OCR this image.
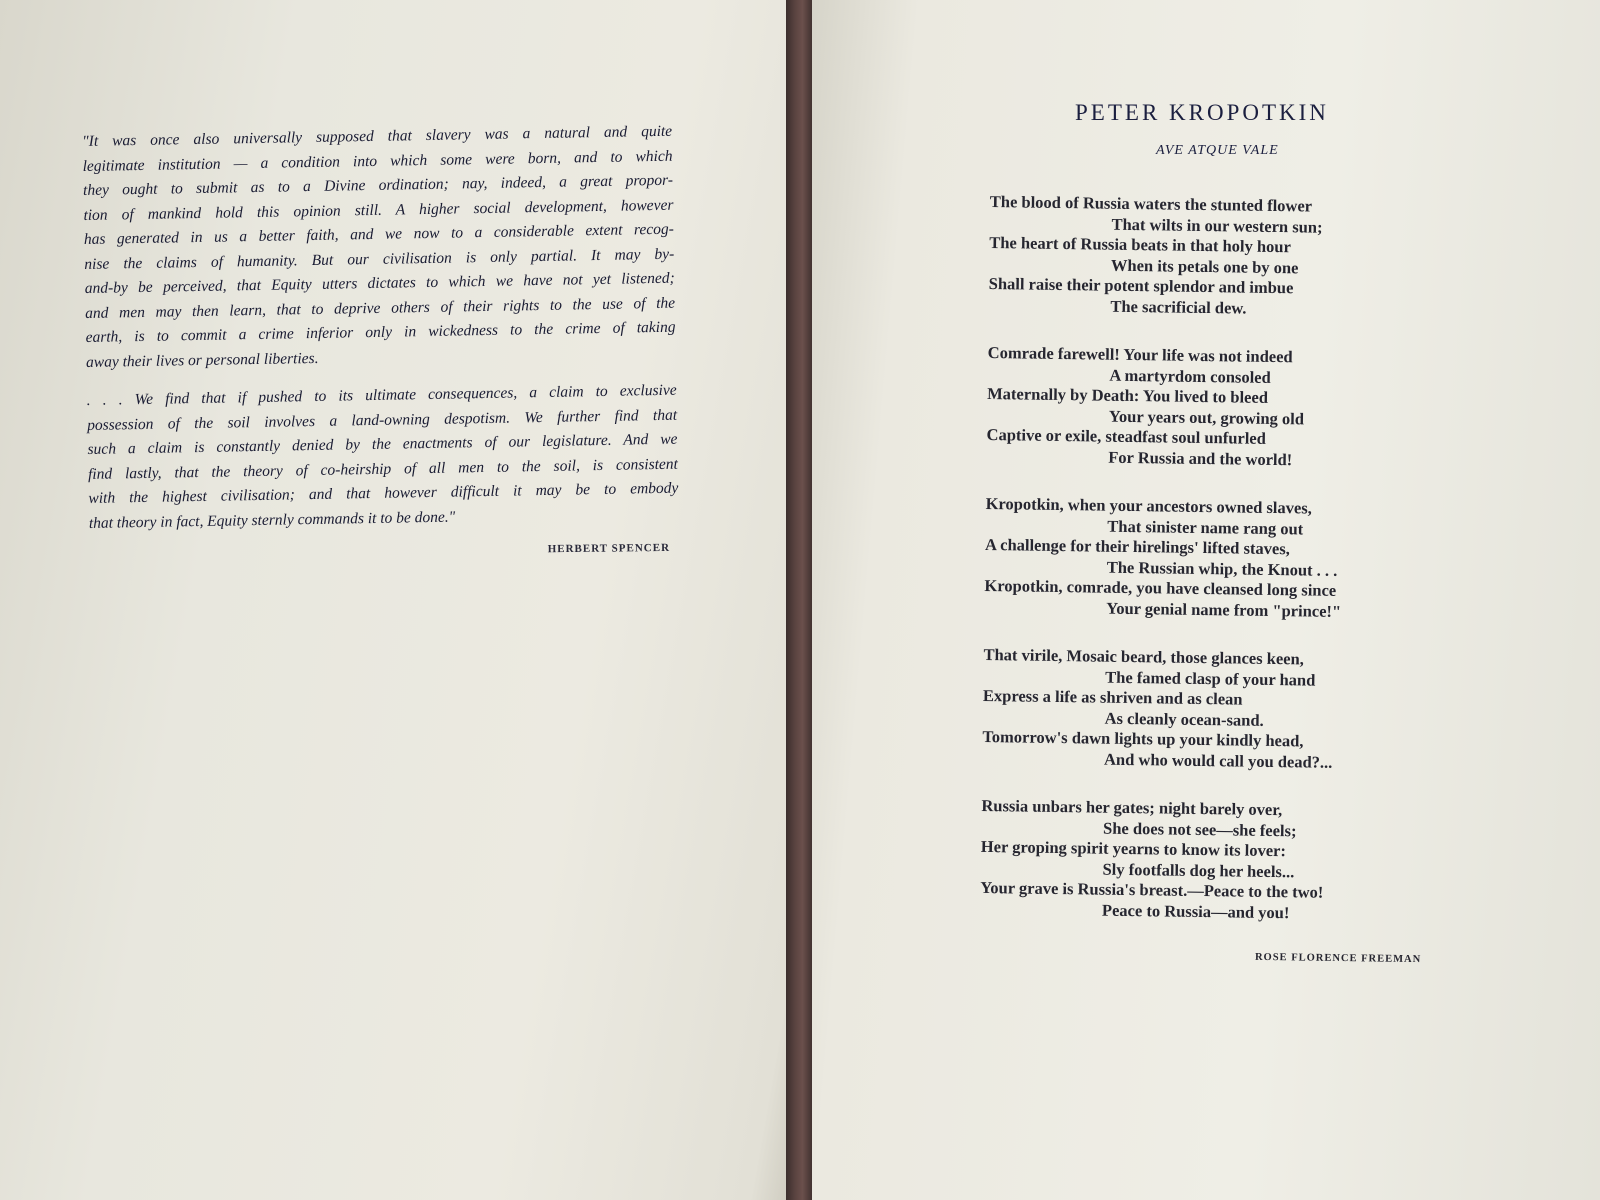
"It was once also universally supposed that slavery was a natural and quite
legitimate institution — a condition into which some were born, and to which
they ought to submit as to a Divine ordination; nay, indeed, a great propor-
tion of mankind hold this opinion still. A higher social development, however
has generated in us a better faith, and we now to a considerable extent recog-
nise the claims of humanity. But our civilisation is only partial. It may by-
and-by be perceived, that Equity utters dictates to which we have not yet listened;
and men may then learn, that to deprive others of their rights to the use of the
earth, is to commit a crime inferior only in wickedness to the crime of taking
away their lives or personal liberties.
. . . We find that if pushed to its ultimate consequences, a claim to exclusive
possession of the soil involves a land-owning despotism. We further find that
such a claim is constantly denied by the enactments of our legislature. And we
find lastly, that the theory of co-heirship of all men to the soil, is consistent
with the highest civilisation; and that however difficult it may be to embody
that theory in fact, Equity sternly commands it to be done."
HERBERT SPENCER
PETER KROPOTKIN
AVE ATQUE VALE
The blood of Russia waters the stunted flower
That wilts in our western sun;
The heart of Russia beats in that holy hour
When its petals one by one
Shall raise their potent splendor and imbue
The sacrificial dew.
Comrade farewell! Your life was not indeed
A martyrdom consoled
Maternally by Death: You lived to bleed
Your years out, growing old
Captive or exile, steadfast soul unfurled
For Russia and the world!
Kropotkin, when your ancestors owned slaves,
That sinister name rang out
A challenge for their hirelings' lifted staves,
The Russian whip, the Knout . . .
Kropotkin, comrade, you have cleansed long since
Your genial name from "prince!"
That virile, Mosaic beard, those glances keen,
The famed clasp of your hand
Express a life as shriven and as clean
As cleanly ocean-sand.
Tomorrow's dawn lights up your kindly head,
And who would call you dead?...
Russia unbars her gates; night barely over,
She does not see—she feels;
Her groping spirit yearns to know its lover:
Sly footfalls dog her heels...
Your grave is Russia's breast.—Peace to the two!
Peace to Russia—and you!
ROSE FLORENCE FREEMAN
